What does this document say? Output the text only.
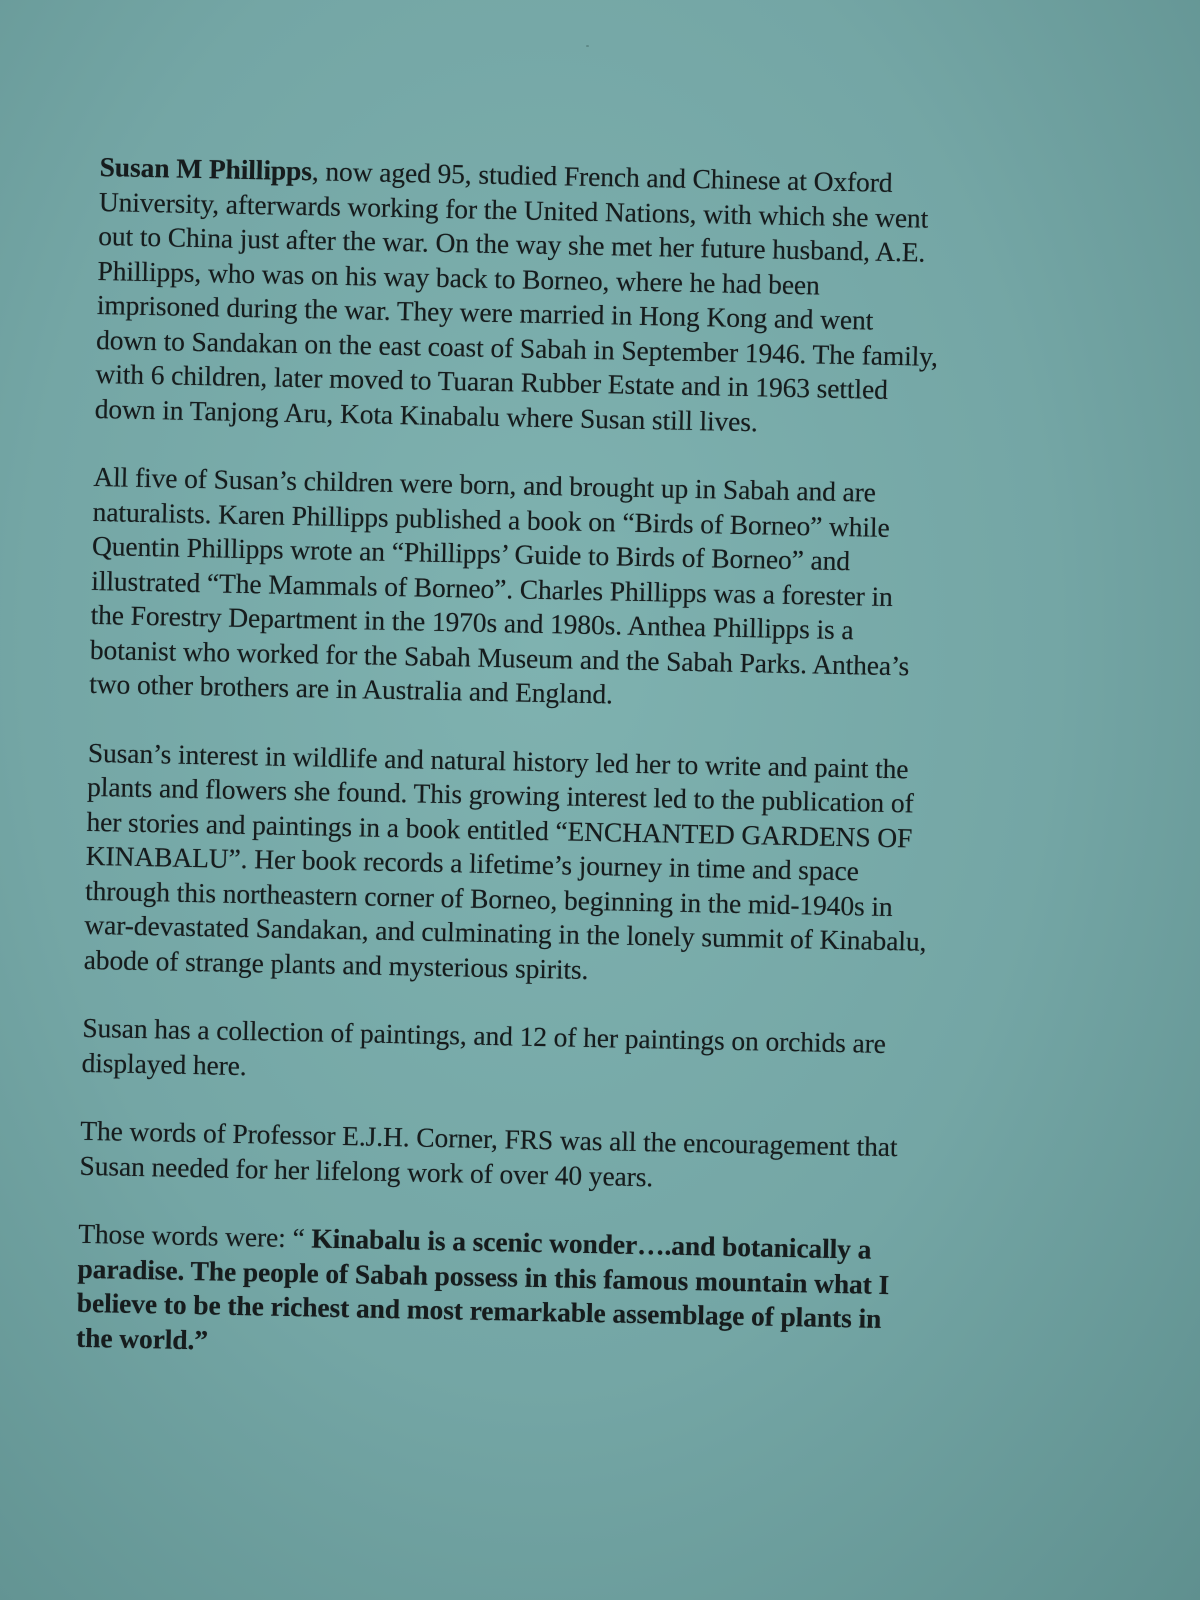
Susan M Phillipps, now aged 95, studied French and Chinese at Oxford
University, afterwards working for the United Nations, with which she went
out to China just after the war. On the way she met her future husband, A.E.
Phillipps, who was on his way back to Borneo, where he had been
imprisoned during the war. They were married in Hong Kong and went
down to Sandakan on the east coast of Sabah in September 1946. The family,
with 6 children, later moved to Tuaran Rubber Estate and in 1963 settled
down in Tanjong Aru, Kota Kinabalu where Susan still lives.

All five of Susan’s children were born, and brought up in Sabah and are
naturalists. Karen Phillipps published a book on “Birds of Borneo” while
Quentin Phillipps wrote an “Phillipps’ Guide to Birds of Borneo” and
illustrated “The Mammals of Borneo”. Charles Phillipps was a forester in
the Forestry Department in the 1970s and 1980s. Anthea Phillipps is a
botanist who worked for the Sabah Museum and the Sabah Parks. Anthea’s
two other brothers are in Australia and England.

Susan’s interest in wildlife and natural history led her to write and paint the
plants and flowers she found. This growing interest led to the publication of
her stories and paintings in a book entitled “ENCHANTED GARDENS OF
KINABALU”. Her book records a lifetime’s journey in time and space
through this northeastern corner of Borneo, beginning in the mid-1940s in
war-devastated Sandakan, and culminating in the lonely summit of Kinabalu,
abode of strange plants and mysterious spirits.

Susan has a collection of paintings, and 12 of her paintings on orchids are
displayed here.

The words of Professor E.J.H. Corner, FRS was all the encouragement that
Susan needed for her lifelong work of over 40 years.

Those words were: “ Kinabalu is a scenic wonder….and botanically a
paradise. The people of Sabah possess in this famous mountain what I
believe to be the richest and most remarkable assemblage of plants in
the world.”
